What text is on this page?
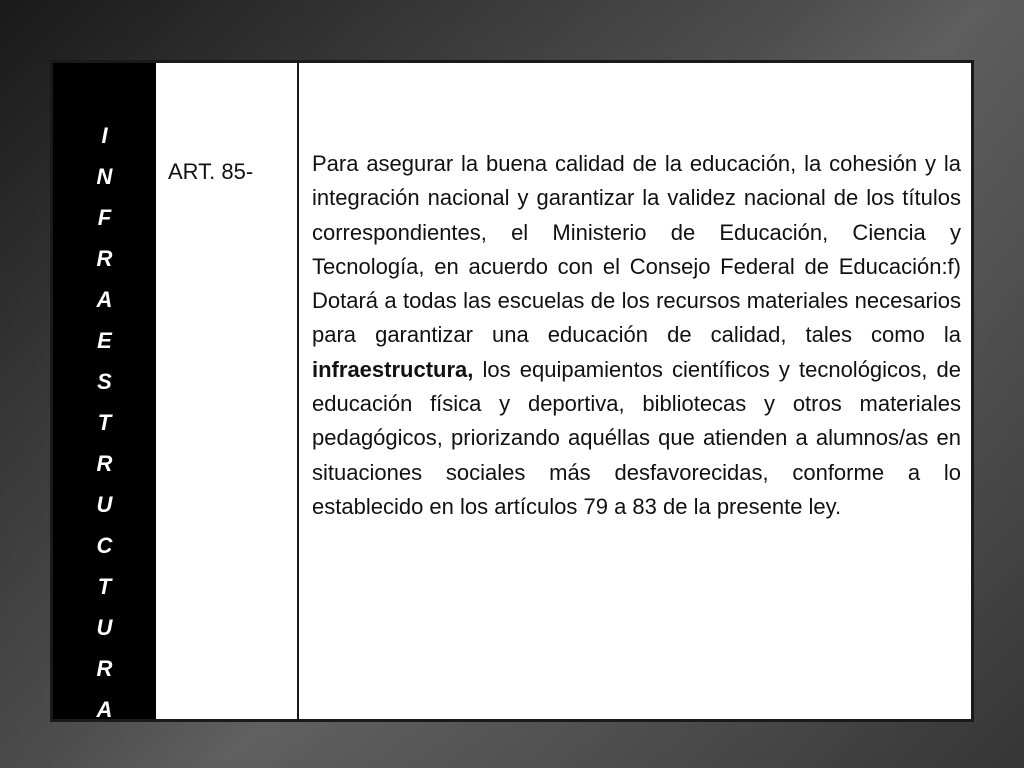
I
N
F
R
A
E
S
T
R
U
C
T
U
R
A
ART. 85-	Para asegurar la buena calidad de la educación, la cohesión y la integración nacional y garantizar la validez nacional de los títulos correspondientes, el Ministerio de Educación, Ciencia y Tecnología, en acuerdo con el Consejo Federal de Educación:f) Dotará a todas las escuelas de los recursos materiales necesarios para garantizar una educación de calidad, tales como la infraestructura, los equipamientos científicos y tecnológicos, de educación física y deportiva, bibliotecas y otros materiales pedagógicos, priorizando aquéllas que atienden a alumnos/as en situaciones sociales más desfavorecidas, conforme a lo establecido en los artículos 79 a 83 de la presente ley.
